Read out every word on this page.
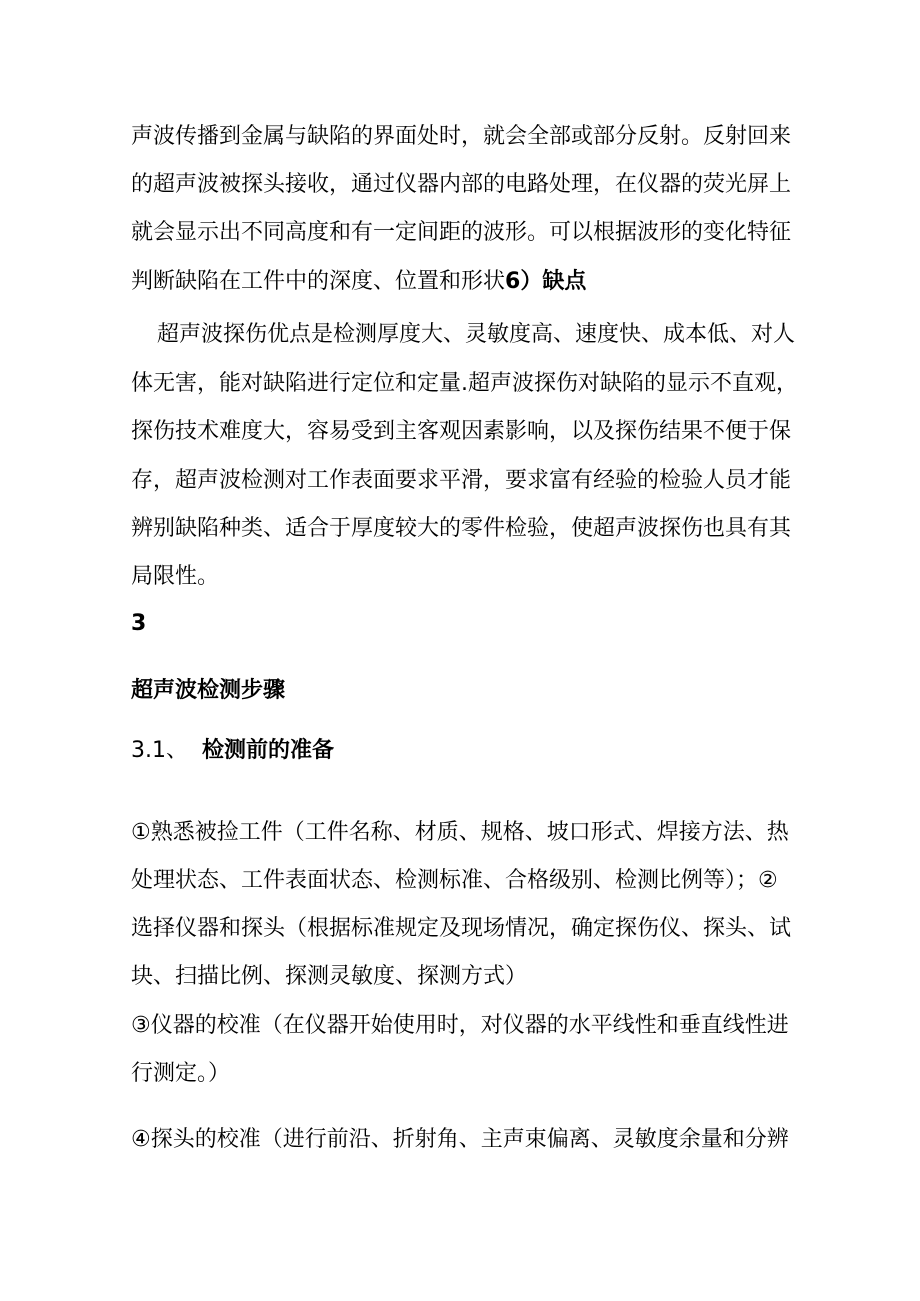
声波传播到金属与缺陷的界面处时，就会全部或部分反射。反射回来
的超声波被探头接收，通过仪器内部的电路处理，在仪器的荧光屏上
就会显示出不同高度和有一定间距的波形。可以根据波形的变化特征
判断缺陷在工件中的深度、位置和形状6）缺点
超声波探伤优点是检测厚度大、灵敏度高、速度快、成本低、对人
体无害，能对缺陷进行定位和定量.超声波探伤对缺陷的显示不直观，
探伤技术难度大，容易受到主客观因素影响，以及探伤结果不便于保
存，超声波检测对工作表面要求平滑，要求富有经验的检验人员才能
辨别缺陷种类、适合于厚度较大的零件检验，使超声波探伤也具有其
局限性。
3
超声波检测步骤
3.1、 检测前的准备
①熟悉被捡工件（工件名称、材质、规格、坡口形式、焊接方法、热
处理状态、工件表面状态、检测标准、合格级别、检测比例等）；②
选择仪器和探头（根据标准规定及现场情况，确定探伤仪、探头、试
块、扫描比例、探测灵敏度、探测方式）
③仪器的校准（在仪器开始使用时，对仪器的水平线性和垂直线性进
行测定。）
④探头的校准（进行前沿、折射角、主声束偏离、灵敏度余量和分辨
